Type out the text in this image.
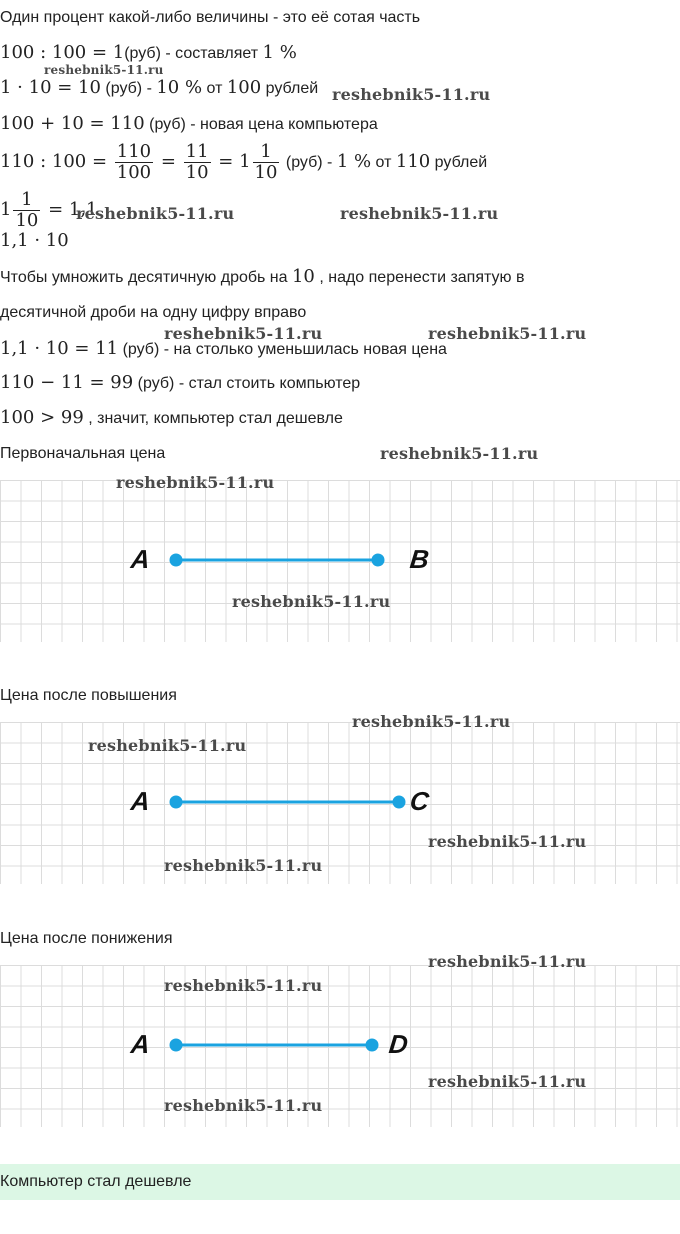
Один процент какой-либо величины - это её сотая часть
100 : 100 = 1(руб) - составляет 1 %
1 · 10 = 10 (руб) - 10 % от 100 рублей
100 + 10 = 110 (руб) - новая цена компьютера
110 : $100 = \frac{110}{100} = \frac{11}{10} = 1 \frac{1}{10} (руб) - 1$ % от 110 рублей
$1 \frac{1}{10} = 1,1$
1,1 · 10
Чтобы умножить десятичную дробь на 10 , надо перенести запятую в
десятичной дроби на одну цифру вправо
1,1 · 10 = 11 (руб) - на столько уменьшилась новая цена
110 − 11 = 99 (руб) - стал стоить компьютер
100 > 99 , значит, компьютер стал дешевле
Первоначальная цена
A	B
Цена после повышения
A	C
Цена после понижения
A	D
Компьютер стал дешевле
reshebnik5-11.ru
reshebnik5-11.ru
reshebnik5-11.ru	reshebnik5-11.ru
reshebnik5-11.ru	reshebnik5-11.ru
reshebnik5-11.ru
reshebnik5-11.ru
reshebnik5-11.ru
reshebnik5-11.ru
reshebnik5-11.ru
reshebnik5-11.ru
reshebnik5-11.ru
reshebnik5-11.ru
reshebnik5-11.ru
reshebnik5-11.ru
reshebnik5-11.ru
